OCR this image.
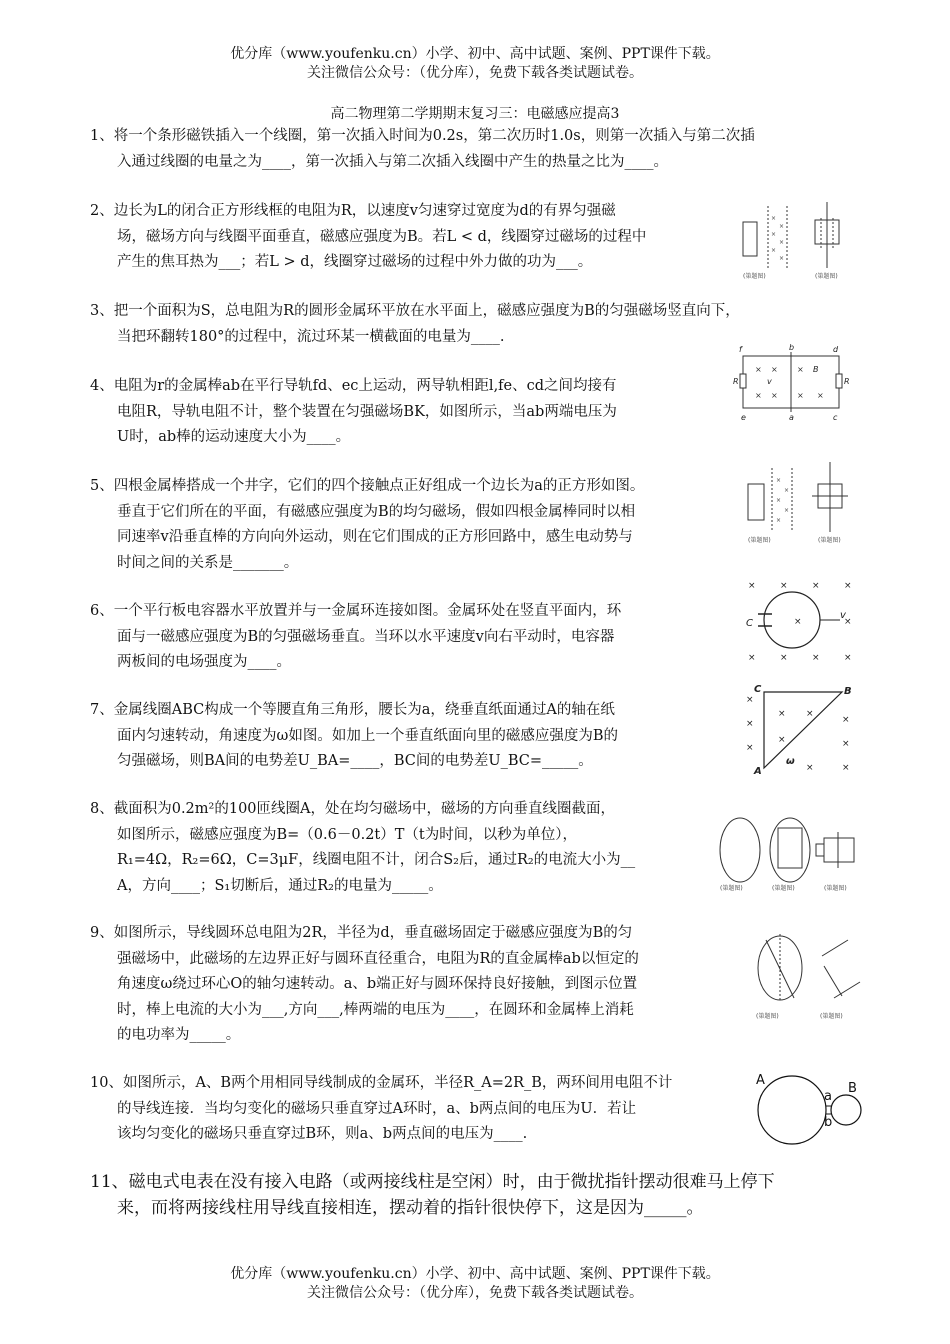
优分库（www.youfenku.cn）小学、初中、高中试题、案例、PPT课件下载。
关注微信公众号：（优分库），免费下载各类试题试卷。
高二物理第二学期期末复习三：电磁感应提高3
1、将一个条形磁铁插入一个线圈，第一次插入时间为0.2s，第二次历时1.0s，则第一次插入与第二次插
入通过线圈的电量之为____，第一次插入与第二次插入线圈中产生的热量之比为____。
2、边长为L的闭合正方形线框的电阻为R，以速度v匀速穿过宽度为d的有界匀强磁
场，磁场方向与线圈平面垂直，磁感应强度为B。若L < d，线圈穿过磁场的过程中
产生的焦耳热为___；若L > d，线圈穿过磁场的过程中外力做的功为___。
3、把一个面积为S，总电阻为R的圆形金属环平放在水平面上，磁感应强度为B的匀强磁场竖直向下，
当把环翻转180°的过程中，流过环某一横截面的电量为____.
4、电阻为r的金属棒ab在平行导轨fd、ec上运动，两导轨相距l,fe、cd之间均接有
电阻R，导轨电阻不计，整个装置在匀强磁场BK，如图所示，当ab两端电压为
U时，ab棒的运动速度大小为____。
5、四根金属棒搭成一个井字，它们的四个接触点正好组成一个边长为a的正方形如图。
垂直于它们所在的平面，有磁感应强度为B的均匀磁场，假如四根金属棒同时以相
同速率v沿垂直棒的方向向外运动，则在它们围成的正方形回路中，感生电动势与
时间之间的关系是_______。
6、一个平行板电容器水平放置并与一金属环连接如图。金属环处在竖直平面内，环
面与一磁感应强度为B的匀强磁场垂直。当环以水平速度v向右平动时，电容器
两板间的电场强度为____。
7、金属线圈ABC构成一个等腰直角三角形，腰长为a，绕垂直纸面通过A的轴在纸
面内匀速转动，角速度为ω如图。如加上一个垂直纸面向里的磁感应强度为B的
匀强磁场，则BA间的电势差U_BA=____，BC间的电势差U_BC=_____。
8、截面积为0.2m²的100匝线圈A，处在均匀磁场中，磁场的方向垂直线圈截面，
如图所示，磁感应强度为B=（0.6－0.2t）T（t为时间，以秒为单位），
R₁=4Ω，R₂=6Ω，C=3μF，线圈电阻不计，闭合S₂后，通过R₂的电流大小为__
A，方向____；S₁切断后，通过R₂的电量为_____。
9、如图所示，导线圆环总电阻为2R，半径为d，垂直磁场固定于磁感应强度为B的匀
强磁场中，此磁场的左边界正好与圆环直径重合，电阻为R的直金属棒ab以恒定的
角速度ω绕过环心O的轴匀速转动。a、b端正好与圆环保持良好接触，到图示位置
时，棒上电流的大小为___,方向___,棒两端的电压为____，在圆环和金属棒上消耗
的电功率为_____。
10、如图所示，A、B两个用相同导线制成的金属环，半径R_A=2R_B，两环间用电阻不计
的导线连接．当均匀变化的磁场只垂直穿过A环时，a、b两点间的电压为U．若让
该均匀变化的磁场只垂直穿过B环，则a、b两点间的电压为____.
11、磁电式电表在没有接入电路（或两接线柱是空闲）时，由于微扰指针摆动很难马上停下
来，而将两接线柱用导线直接相连，摆动着的指针很快停下，这是因为_____。
×
×
×
×
×
×
(第题图)	(第题图)
f	b	d
R	R
e	a	c
v
B
× × ×
× × × ×
×
×
×
×
×
(第题图)	(第题图)
×	×	×	×
×
×	×	×	×
×
C
v
×
×
×
× ×
×
×
×
×	×
C	B
A
ω
(第题图)	(第题图)	(第题图)
(第题图)	(第题图)
A
B
a
b
优分库（www.youfenku.cn）小学、初中、高中试题、案例、PPT课件下载。
关注微信公众号：（优分库），免费下载各类试题试卷。
